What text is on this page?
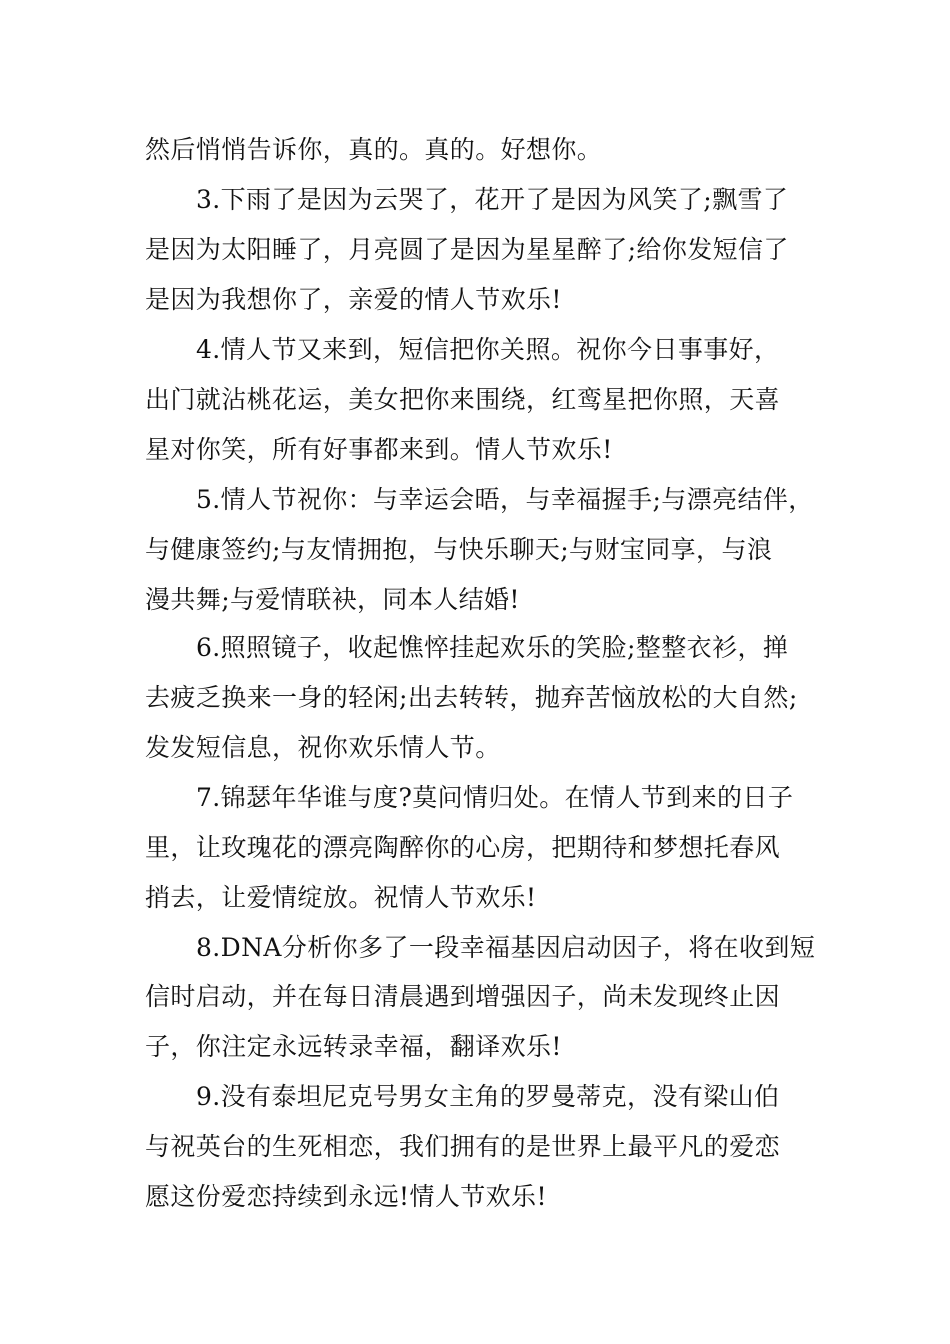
然后悄悄告诉你，真的。真的。好想你。
3.下雨了是因为云哭了，花开了是因为风笑了;飘雪了
是因为太阳睡了，月亮圆了是因为星星醉了;给你发短信了
是因为我想你了，亲爱的情人节欢乐!
4.情人节又来到，短信把你关照。祝你今日事事好，
出门就沾桃花运，美女把你来围绕，红鸾星把你照，天喜
星对你笑，所有好事都来到。情人节欢乐!
5.情人节祝你：与幸运会晤，与幸福握手;与漂亮结伴，
与健康签约;与友情拥抱，与快乐聊天;与财宝同享，与浪
漫共舞;与爱情联袂，同本人结婚!
6.照照镜子，收起憔悴挂起欢乐的笑脸;整整衣衫，掸
去疲乏换来一身的轻闲;出去转转，抛弃苦恼放松的大自然;
发发短信息，祝你欢乐情人节。
7.锦瑟年华谁与度?莫问情归处。在情人节到来的日子
里，让玫瑰花的漂亮陶醉你的心房，把期待和梦想托春风
捎去，让爱情绽放。祝情人节欢乐!
8.DNA分析你多了一段幸福基因启动因子，将在收到短
信时启动，并在每日清晨遇到增强因子，尚未发现终止因
子，你注定永远转录幸福，翻译欢乐!
9.没有泰坦尼克号男女主角的罗曼蒂克，没有梁山伯
与祝英台的生死相恋，我们拥有的是世界上最平凡的爱恋
愿这份爱恋持续到永远!情人节欢乐!
